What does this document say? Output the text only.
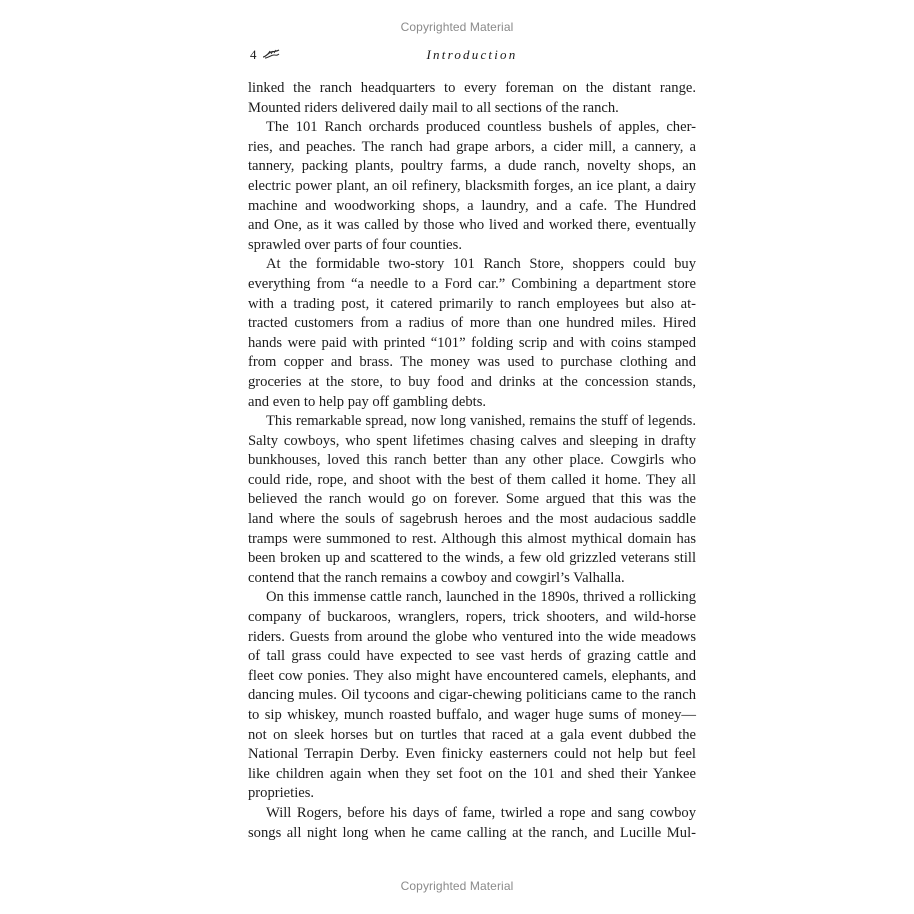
Copyrighted Material
4	Introduction
linked the ranch headquarters to every foreman on the distant range.
Mounted riders delivered daily mail to all sections of the ranch.
The 101 Ranch orchards produced countless bushels of apples, cher-
ries, and peaches. The ranch had grape arbors, a cider mill, a cannery, a
tannery, packing plants, poultry farms, a dude ranch, novelty shops, an
electric power plant, an oil refinery, blacksmith forges, an ice plant, a dairy
machine and woodworking shops, a laundry, and a cafe. The Hundred
and One, as it was called by those who lived and worked there, eventually
sprawled over parts of four counties.
At the formidable two-story 101 Ranch Store, shoppers could buy
everything from “a needle to a Ford car.” Combining a department store
with a trading post, it catered primarily to ranch employees but also at-
tracted customers from a radius of more than one hundred miles. Hired
hands were paid with printed “101” folding scrip and with coins stamped
from copper and brass. The money was used to purchase clothing and
groceries at the store, to buy food and drinks at the concession stands,
and even to help pay off gambling debts.
This remarkable spread, now long vanished, remains the stuff of legends.
Salty cowboys, who spent lifetimes chasing calves and sleeping in drafty
bunkhouses, loved this ranch better than any other place. Cowgirls who
could ride, rope, and shoot with the best of them called it home. They all
believed the ranch would go on forever. Some argued that this was the
land where the souls of sagebrush heroes and the most audacious saddle
tramps were summoned to rest. Although this almost mythical domain has
been broken up and scattered to the winds, a few old grizzled veterans still
contend that the ranch remains a cowboy and cowgirl’s Valhalla.
On this immense cattle ranch, launched in the 1890s, thrived a rollicking
company of buckaroos, wranglers, ropers, trick shooters, and wild-horse
riders. Guests from around the globe who ventured into the wide meadows
of tall grass could have expected to see vast herds of grazing cattle and
fleet cow ponies. They also might have encountered camels, elephants, and
dancing mules. Oil tycoons and cigar-chewing politicians came to the ranch
to sip whiskey, munch roasted buffalo, and wager huge sums of money—
not on sleek horses but on turtles that raced at a gala event dubbed the
National Terrapin Derby. Even finicky easterners could not help but feel
like children again when they set foot on the 101 and shed their Yankee
proprieties.
Will Rogers, before his days of fame, twirled a rope and sang cowboy
songs all night long when he came calling at the ranch, and Lucille Mul-
Copyrighted Material
